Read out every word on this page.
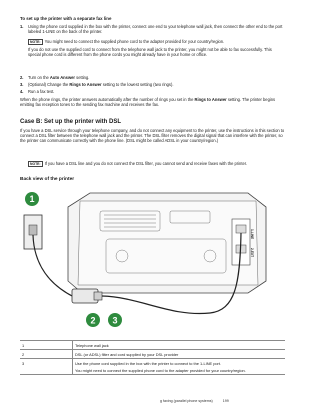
To set up the printer with a separate fax line
1. Using the phone cord supplied in the box with the printer, connect one end to your telephone wall jack, then connect the other end to the port labeled 1-LINE on the back of the printer.
NOTE: You might need to connect the supplied phone cord to the adapter provided for your country/region.
If you do not use the supplied cord to connect from the telephone wall jack to the printer, you might not be able to fax successfully. This special phone cord is different from the phone cords you might already have in your home or office.
2. Turn on the Auto Answer setting.
3. (Optional) Change the Rings to Answer setting to the lowest setting (two rings).
4. Run a fax test.
When the phone rings, the printer answers automatically after the number of rings you set in the Rings to Answer setting. The printer begins emitting fax reception tones to the sending fax machine and receives the fax.
Case B: Set up the printer with DSL
If you have a DSL service through your telephone company, and do not connect any equipment to the printer, use the instructions in this section to connect a DSL filter between the telephone wall jack and the printer. The DSL filter removes the digital signal that can interfere with the printer, so the printer can communicate correctly with the phone line. (DSL might be called ADSL in your country/region.)
NOTE: If you have a DSL line and you do not connect the DSL filter, you cannot send and receive faxes with the printer.
Back view of the printer
1-LINE
2-EXT
1
2 3
1	Telephone wall jack
2	DSL (or ADSL) filter and cord supplied by your DSL provider
3	Use the phone cord supplied in the box with the printer to connect to the 1-LINE port.
You might need to connect the supplied phone cord to the adapter provided for your country/region.
g faxing (parallel phone systems)	199
